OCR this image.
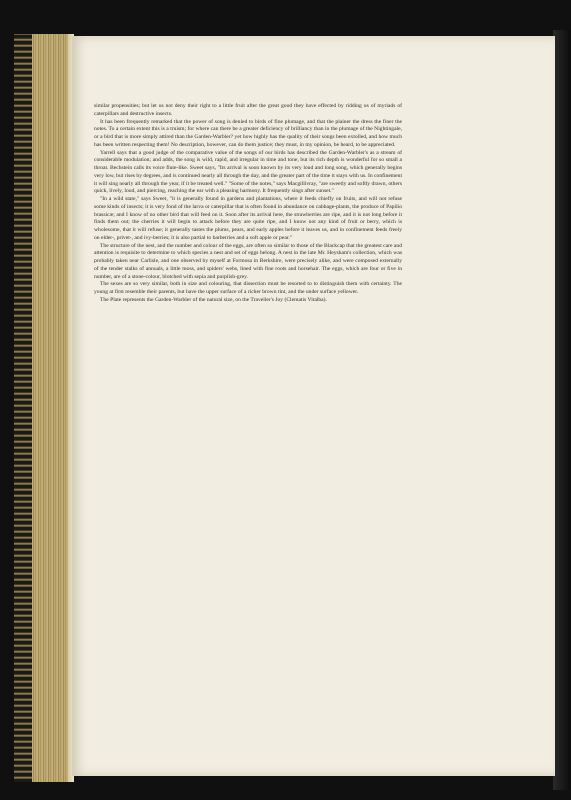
similar propensities; but let us not deny their right to a little fruit after the great good they have effected by ridding us of myriads of caterpillars and destructive insects.

It has been frequently remarked that the power of song is denied to birds of fine plumage, and that the plainer the dress the finer the notes. To a certain extent this is a truism; for where can there be a greater deficiency of brilliancy than in the plumage of the Nightingale, or a bird that is more simply attired than the Garden-Warbler? yet how highly has the quality of their songs been extolled, and how much has been written respecting them! No description, however, can do them justice; they must, in my opinion, be heard, to be appreciated.

Yarrell says that a good judge of the comparative value of the songs of our birds has described the Garden-Warbler's as a stream of considerable modulation; and adds, the song is wild, rapid, and irregular in time and tone, but its rich depth is wonderful for so small a throat. Bechstein calls its voice flute-like. Sweet says, "Its arrival is soon known by its very loud and long song, which generally begins very low, but rises by degrees, and is continued nearly all through the day, and the greater part of the time it stays with us. In confinement it will sing nearly all through the year, if it be treated well." "Some of the notes," says Macgillivray, "are sweetly and softly drawn, others quick, lively, loud, and piercing, reaching the ear with a pleasing harmony. It frequently sings after sunset."

"In a wild state," says Sweet, "it is generally found in gardens and plantations, where it feeds chiefly on fruits, and will not refuse some kinds of insects; it is very fond of the larva or caterpillar that is often found in abundance on cabbage-plants, the produce of Papilio brassicæ; and I know of no other bird that will feed on it. Soon after its arrival here, the strawberries are ripe, and it is not long before it finds them out; the cherries it will begin to attack before they are quite ripe, and I know not any kind of fruit or berry, which is wholesome, that it will refuse; it generally tastes the plums, pears, and early apples before it leaves us, and in confinement feeds freely on elder-, privet-, and ivy-berries; it is also partial to barberries and a soft apple or pear."

The structure of the nest, and the number and colour of the eggs, are often so similar to those of the Blackcap that the greatest care and attention is requisite to determine to which species a nest and set of eggs belong. A nest in the late Mr. Heysham's collection, which was probably taken near Carlisle, and one observed by myself at Formosa in Berkshire, were precisely alike, and were composed externally of the tender stalks of annuals, a little moss, and spiders' webs, lined with fine roots and horsehair. The eggs, which are four or five in number, are of a stone-colour, blotched with sepia and purplish-grey.

The sexes are so very similar, both in size and colouring, that dissection must be resorted to to distinguish them with certainty. The young at first resemble their parents, but have the upper surface of a richer brown tint, and the under surface yellower.

The Plate represents the Garden-Warbler of the natural size, on the Traveller's Joy (Clematis Vitalba).
